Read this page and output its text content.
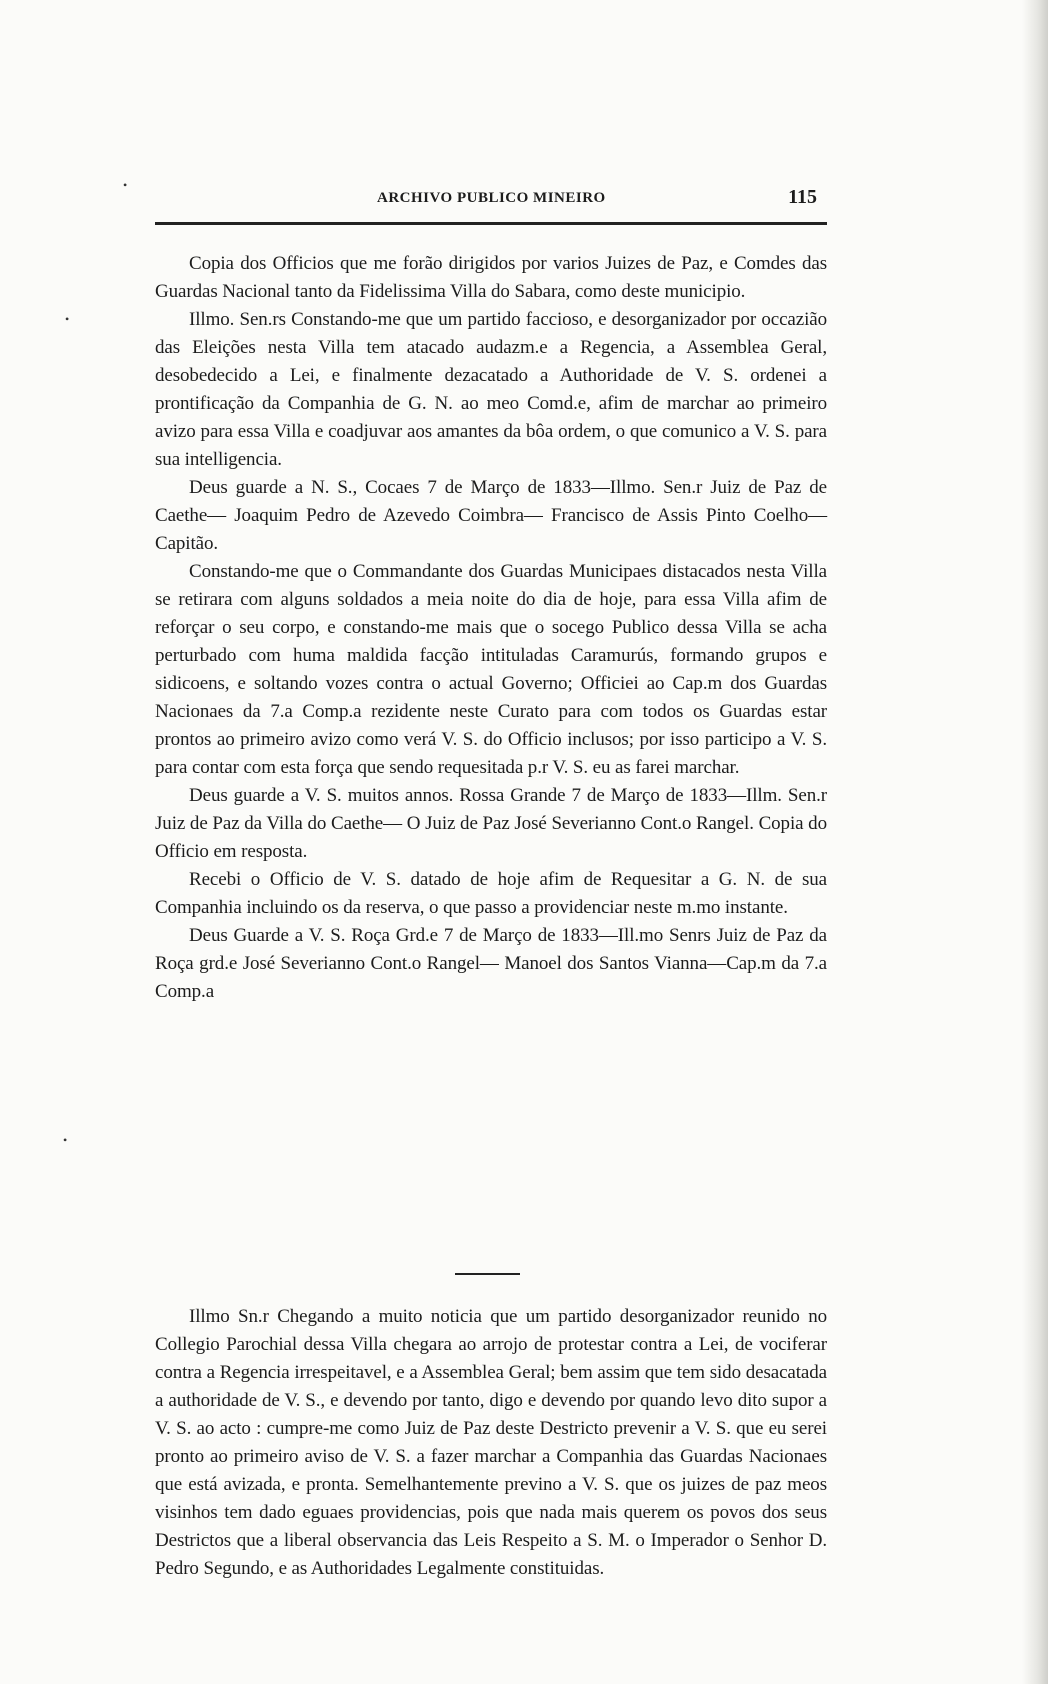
ARCHIVO PUBLICO MINEIRO	115
•
•
•

Copia dos Officios que me forão dirigidos por varios Juizes de Paz, e Comdes das Guardas Nacional tanto da Fidelissima Villa do Sabara, como deste municipio.

Illmo. Sen.rs Constando-me que um partido faccioso, e desorganizador por occazião das Eleições nesta Villa tem atacado audazm.e a Regencia, a Assemblea Geral, desobedecido a Lei, e finalmente dezacatado a Authoridade de V. S. ordenei a prontificação da Companhia de G. N. ao meo Comd.e, afim de marchar ao primeiro avizo para essa Villa e coadjuvar aos amantes da bôa ordem, o que comunico a V. S. para sua intelligencia.

Deus guarde a N. S., Cocaes 7 de Março de 1833—Illmo. Sen.r Juiz de Paz de Caethe— Joaquim Pedro de Azevedo Coimbra— Francisco de Assis Pinto Coelho—Capitão.

Constando-me que o Commandante dos Guardas Municipaes distacados nesta Villa se retirara com alguns soldados a meia noite do dia de hoje, para essa Villa afim de reforçar o seu corpo, e constando-me mais que o socego Publico dessa Villa se acha perturbado com huma maldida facção intituladas Caramurús, formando grupos e sidicoens, e soltando vozes contra o actual Governo; Officiei ao Cap.m dos Guardas Nacionaes da 7.a Comp.a rezidente neste Curato para com todos os Guardas estar prontos ao primeiro avizo como verá V. S. do Officio inclusos; por isso participo a V. S. para contar com esta força que sendo requesitada p.r V. S. eu as farei marchar.

Deus guarde a V. S. muitos annos. Rossa Grande 7 de Março de 1833—Illm. Sen.r Juiz de Paz da Villa do Caethe— O Juiz de Paz José Severianno Cont.o Rangel. Copia do Officio em resposta.

Recebi o Officio de V. S. datado de hoje afim de Requesitar a G. N. de sua Companhia incluindo os da reserva, o que passo a providenciar neste m.mo instante.

Deus Guarde a V. S. Roça Grd.e 7 de Março de 1833—Ill.mo Senrs Juiz de Paz da Roça grd.e José Severianno Cont.o Rangel— Manoel dos Santos Vianna—Cap.m da 7.a Comp.a

Illmo Sn.r Chegando a muito noticia que um partido desorganizador reunido no Collegio Parochial dessa Villa chegara ao arrojo de protestar contra a Lei, de vociferar contra a Regencia irrespeitavel, e a Assemblea Geral; bem assim que tem sido desacatada a authoridade de V. S., e devendo por tanto, digo e devendo por quando levo dito supor a V. S. ao acto : cumpre-me como Juiz de Paz deste Destricto prevenir a V. S. que eu serei pronto ao primeiro aviso de V. S. a fazer marchar a Companhia das Guardas Nacionaes que está avizada, e pronta. Semelhantemente previno a V. S. que os juizes de paz meos visinhos tem dado eguaes providencias, pois que nada mais querem os povos dos seus Destrictos que a liberal observancia das Leis Respeito a S. M. o Imperador o Senhor D. Pedro Segundo, e as Authoridades Legalmente constituidas.
